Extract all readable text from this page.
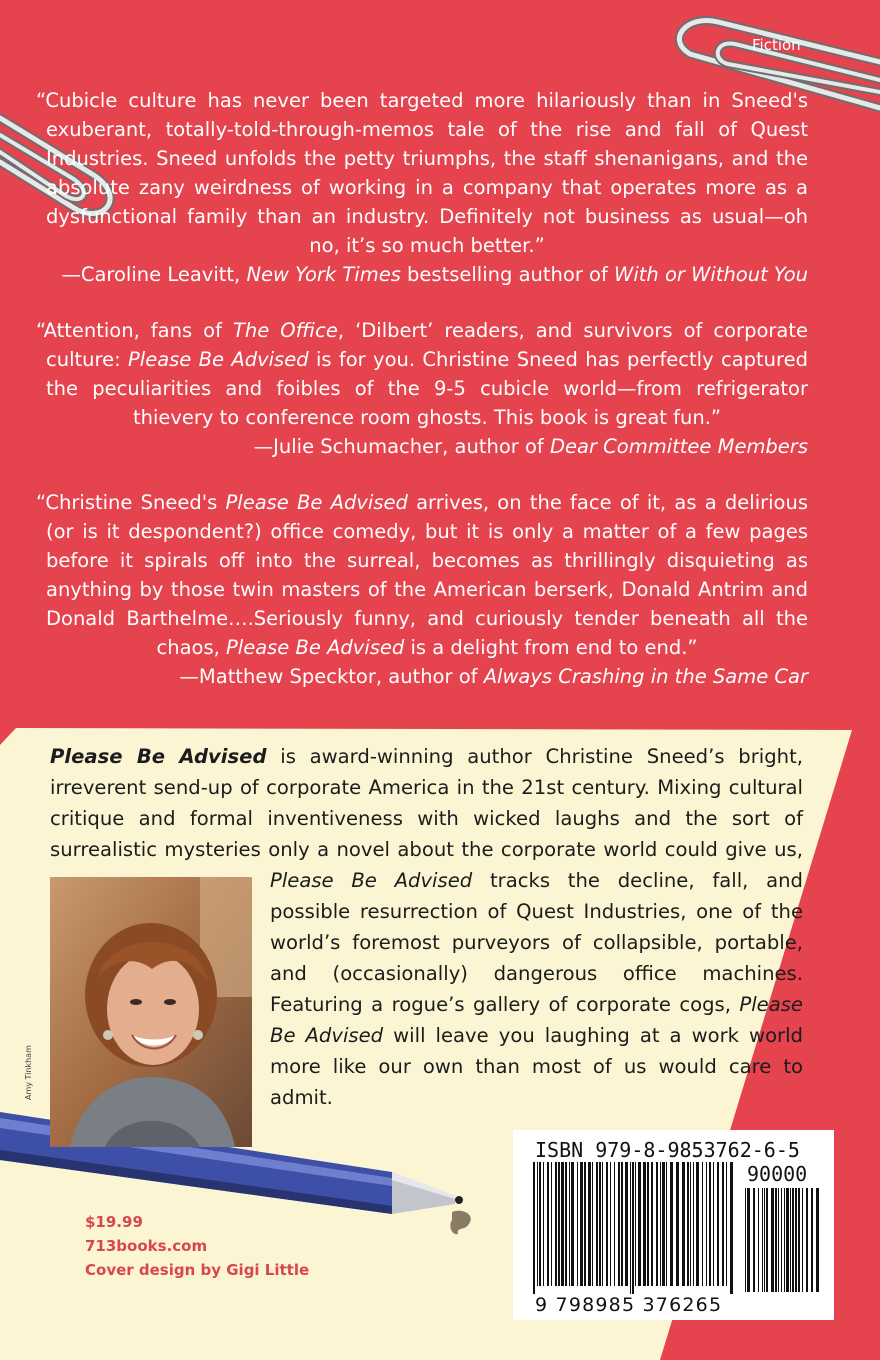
Fiction
“Cubicle culture has never been targeted more hilariously than in Sneed's exuberant, totally-told-through-memos tale of the rise and fall of Quest Industries. Sneed unfolds the petty triumphs, the staff shenanigans, and the absolute zany weirdness of working in a company that operates more as a dysfunctional family than an industry. Definitely not business as usual—oh no, it’s so much better.”
—Caroline Leavitt, New York Times bestselling author of With or Without You
“Attention, fans of The Office, ‘Dilbert’ readers, and survivors of corporate culture: Please Be Advised is for you. Christine Sneed has perfectly captured the peculiarities and foibles of the 9-5 cubicle world—from refrigerator thievery to conference room ghosts. This book is great fun.”
—Julie Schumacher, author of Dear Committee Members
“Christine Sneed's Please Be Advised arrives, on the face of it, as a delirious (or is it despondent?) office comedy, but it is only a matter of a few pages before it spirals off into the surreal, becomes as thrillingly disquieting as anything by those twin masters of the American berserk, Donald Antrim and Donald Barthelme….Seriously funny, and curiously tender beneath all the chaos, Please Be Advised is a delight from end to end.”
—Matthew Specktor, author of Always Crashing in the Same Car

Please Be Advised is award-winning author Christine Sneed’s bright, irreverent send-up of corporate America in the 21st century. Mixing cultural critique and formal inventiveness with wicked laughs and the sort of surrealistic mysteries only a novel about the corporate world could give us,
Please Be Advised tracks the decline, fall, and possible resurrection of Quest Industries, one of the world’s foremost purveyors of collapsible, portable, and (occasionally) dangerous office machines. Featuring a rogue’s gallery of corporate cogs, Please Be Advised will leave you laughing at a work world more like our own than most of us would care to admit.

Amy Tinkham
$19.99
713books.com
Cover design by Gigi Little
ISBN 979-8-9853762-6-5
90000
9 798985 376265
